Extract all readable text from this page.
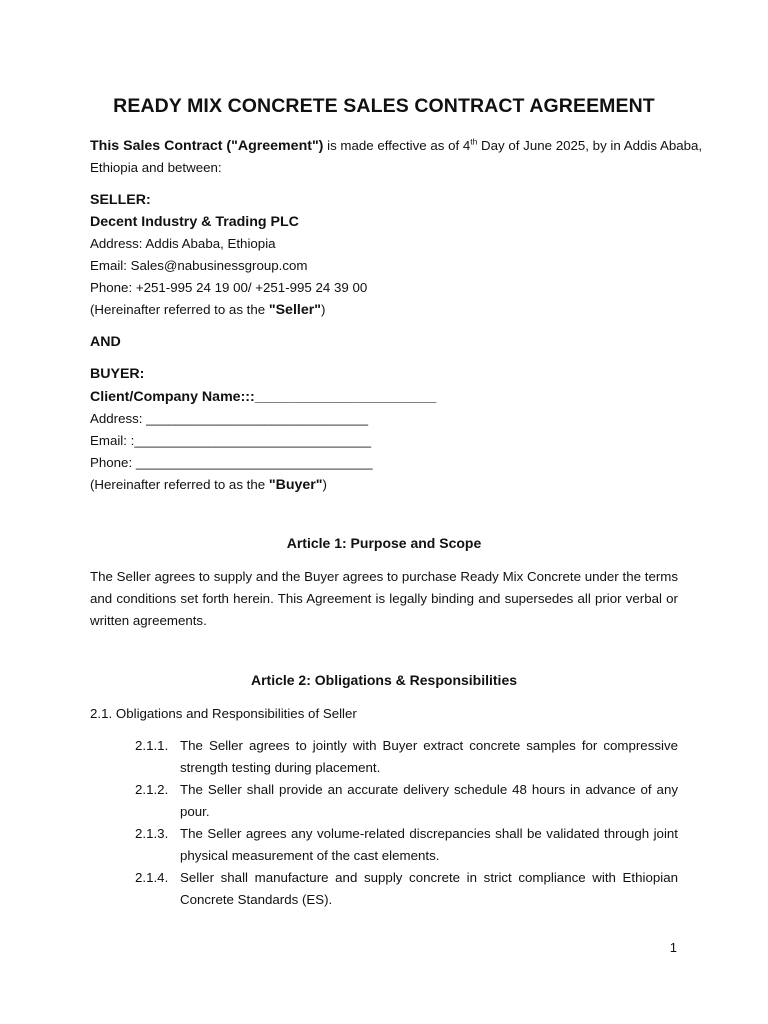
READY MIX CONCRETE SALES CONTRACT AGREEMENT
This Sales Contract ("Agreement") is made effective as of 4th Day of June 2025, by in Addis Ababa,
Ethiopia and between:
SELLER:
Decent Industry & Trading PLC
Address: Addis Ababa, Ethiopia
Email: Sales@nabusinessgroup.com
Phone: +251-995 24 19 00/ +251-995 24 39 00
(Hereinafter referred to as the "Seller")
AND
BUYER:
Client/Company Name:::_______________________
Address: ______________________________
Email: :________________________________
Phone: ________________________________
(Hereinafter referred to as the "Buyer")
Article 1: Purpose and Scope
The Seller agrees to supply and the Buyer agrees to purchase Ready Mix Concrete under the terms and conditions set forth herein. This Agreement is legally binding and supersedes all prior verbal or written agreements.
Article 2: Obligations & Responsibilities
2.1. Obligations and Responsibilities of Seller
2.1.1. The Seller agrees to jointly with Buyer extract concrete samples for compressive strength testing during placement.
2.1.2. The Seller shall provide an accurate delivery schedule 48 hours in advance of any pour.
2.1.3. The Seller agrees any volume-related discrepancies shall be validated through joint physical measurement of the cast elements.
2.1.4. Seller shall manufacture and supply concrete in strict compliance with Ethiopian Concrete Standards (ES).
1
